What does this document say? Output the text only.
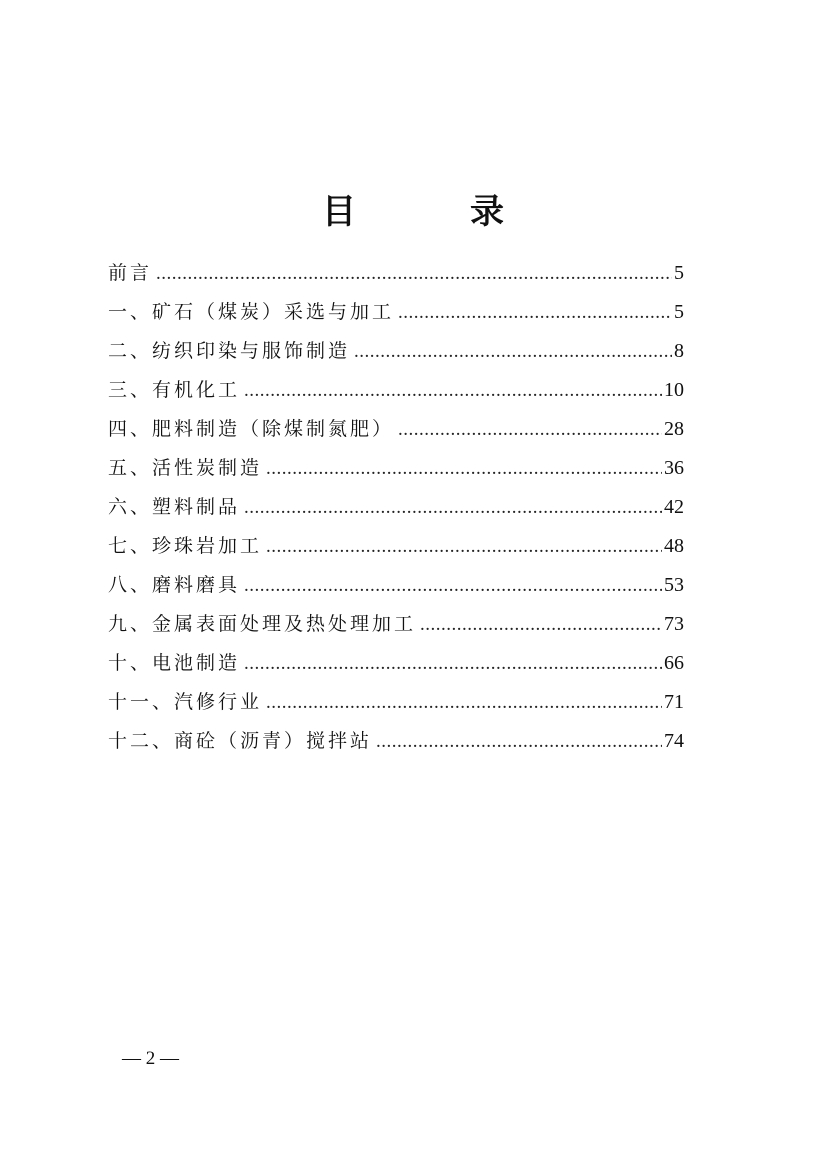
目　录
前言 .....	5
一、矿石（煤炭）采选与加工 .....	5
二、纺织印染与服饰制造 .....	8
三、有机化工 .....	10
四、肥料制造（除煤制氮肥） .....	28
五、活性炭制造 .....	36
六、塑料制品 .....	42
七、珍珠岩加工 .....	48
八、磨料磨具 .....	53
九、金属表面处理及热处理加工 .....	73
十、电池制造 .....	66
十一、汽修行业 .....	71
十二、商砼（沥青）搅拌站 .....	74
— 2 —
